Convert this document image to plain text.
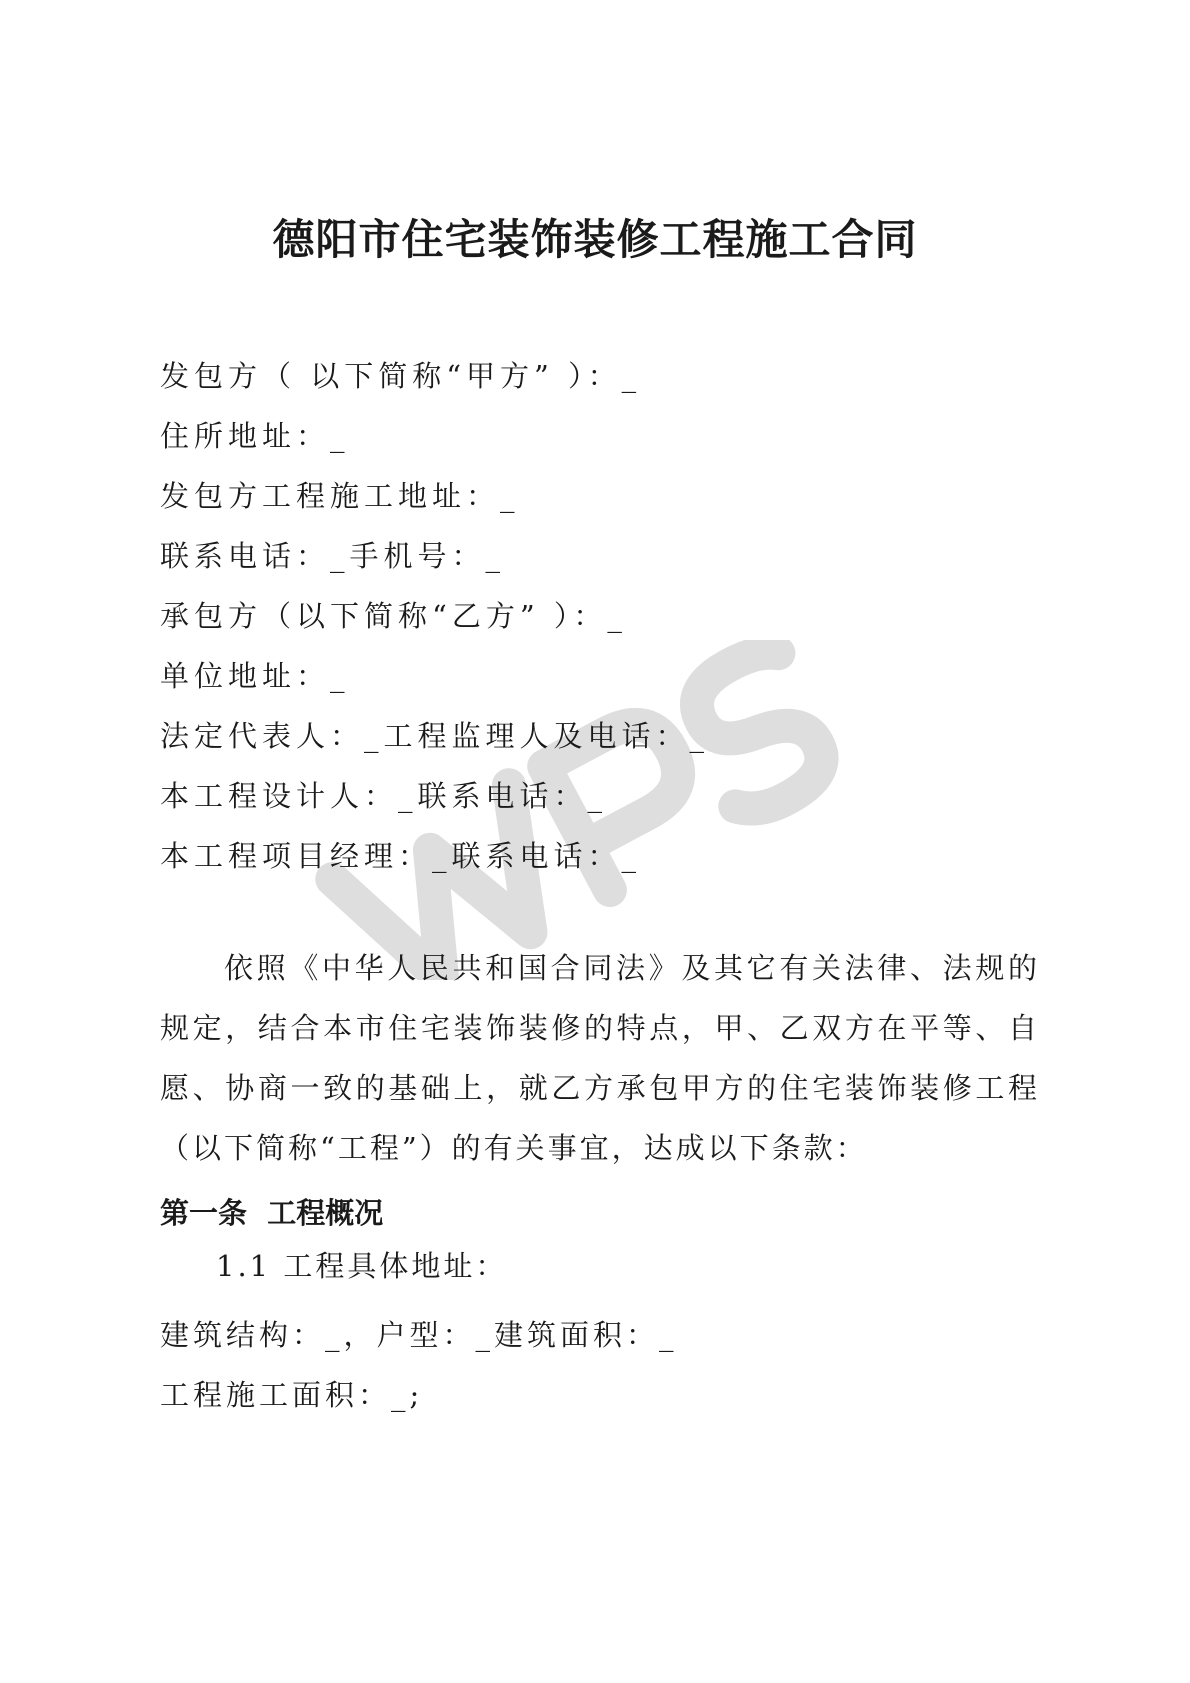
德阳市住宅装饰装修工程施工合同
发包方（ 以下简称“甲方” ）：_
住所地址：_
发包方工程施工地址：_
联系电话：_手机号：_
承包方（以下简称“乙方” ）：_
单位地址：_
法定代表人：_工程监理人及电话：_
本工程设计人：_联系电话：_
本工程项目经理：_联系电话：_

依照《中华人民共和国合同法》及其它有关法律、法规的规定，结合本市住宅装饰装修的特点，甲、乙双方在平等、自愿、协商一致的基础上，就乙方承包甲方的住宅装饰装修工程（以下简称“工程”）的有关事宜，达成以下条款：

第一条  工程概况
1.1 工程具体地址：
建筑结构：_，户型：_建筑面积：_
工程施工面积：_;
